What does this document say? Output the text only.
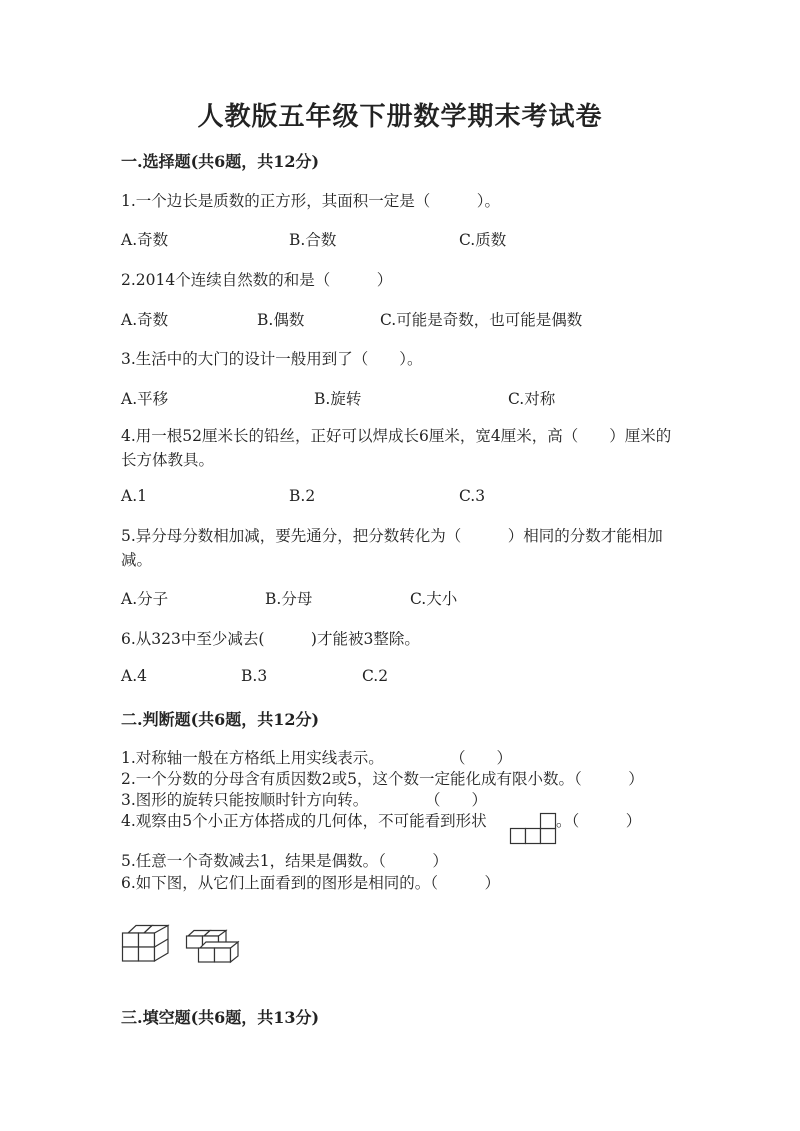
人教版五年级下册数学期末考试卷
一.选择题(共6题，共12分)
1.一个边长是质数的正方形，其面积一定是（　　　）。
A.奇数	B.合数	C.质数
2.2014个连续自然数的和是（　　　）
A.奇数	B.偶数	C.可能是奇数，也可能是偶数
3.生活中的大门的设计一般用到了（　　）。
A.平移	B.旋转	C.对称
4.用一根52厘米长的铅丝，正好可以焊成长6厘米，宽4厘米，高（　　）厘米的长方体教具。
A.1	B.2	C.3
5.异分母分数相加减，要先通分，把分数转化为（　　　）相同的分数才能相加减。
A.分子	B.分母	C.大小
6.从323中至少减去(　　　)才能被3整除。
A.4	B.3	C.2
二.判断题(共6题，共12分)
1.对称轴一般在方格纸上用实线表示。	（　　）
2.一个分数的分母含有质因数2或5，这个数一定能化成有限小数。（　　　）
3.图形的旋转只能按顺时针方向转。	（　　）
4.观察由5个小正方体搭成的几何体，不可能看到形状	。（　　　）
5.任意一个奇数减去1，结果是偶数。（　　　）
6.如下图，从它们上面看到的图形是相同的。（　　　）
三.填空题(共6题，共13分)
